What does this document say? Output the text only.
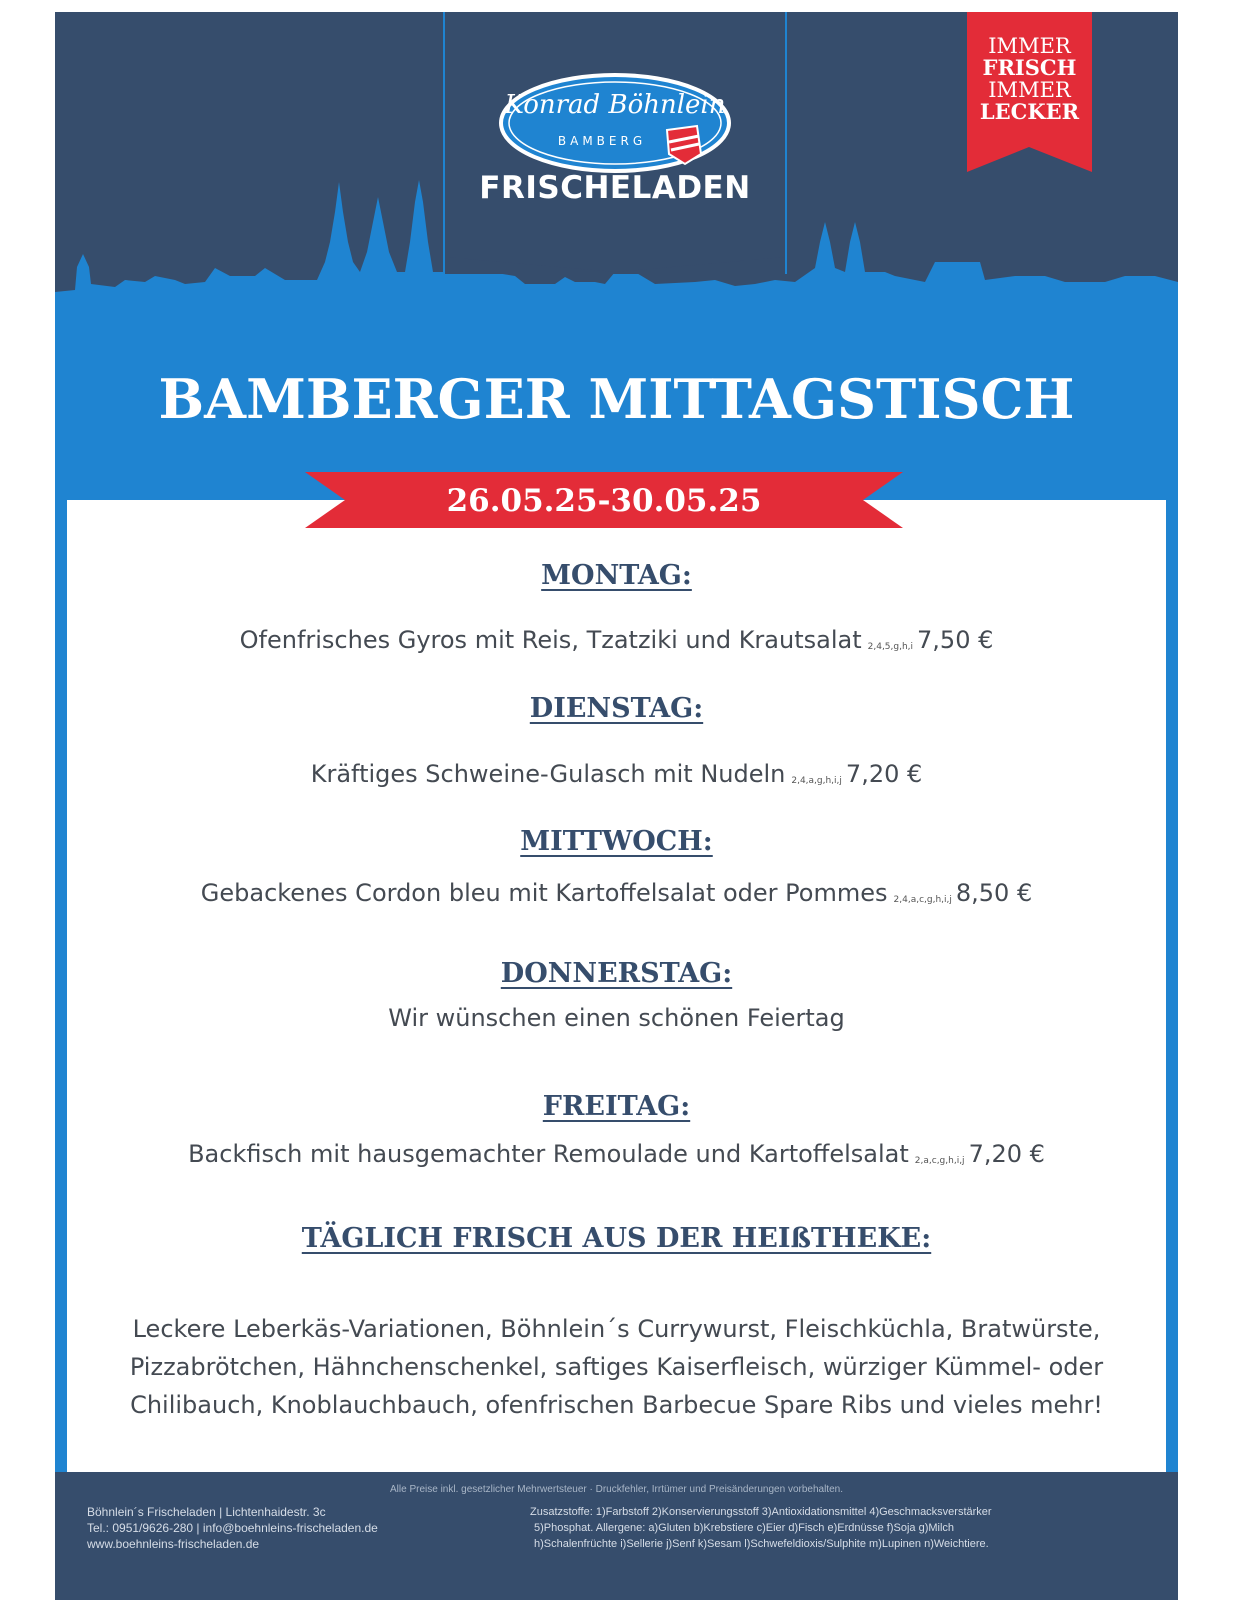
Konrad Böhnlein
BAMBERG
FRISCHELADEN
IMMER
FRISCH
IMMER
LECKER
BAMBERGER MITTAGSTISCH
MONTAG:
Ofenfrisches Gyros mit Reis, Tzatziki und Krautsalat 2,4,5,g,h,i 7,50 €
DIENSTAG:
Kräftiges Schweine-Gulasch mit Nudeln 2,4,a,g,h,i,j 7,20 €
MITTWOCH:
Gebackenes Cordon bleu mit Kartoffelsalat oder Pommes 2,4,a,c,g,h,i,j 8,50 €
DONNERSTAG:
Wir wünschen einen schönen Feiertag
FREITAG:
Backfisch mit hausgemachter Remoulade und Kartoffelsalat 2,a,c,g,h,i,j 7,20 €
TÄGLICH FRISCH AUS DER HEIßTHEKE:
Leckere Leberkäs-Variationen, Böhnlein´s Currywurst, Fleischküchla, Bratwürste,
Pizzabrötchen, Hähnchenschenkel, saftiges Kaiserfleisch, würziger Kümmel- oder
Chilibauch, Knoblauchbauch, ofenfrischen Barbecue Spare Ribs und vieles mehr!
26.05.25-30.05.25
Alle Preise inkl. gesetzlicher Mehrwertsteuer · Druckfehler, Irrtümer und Preisänderungen vorbehalten.
Böhnlein´s Frischeladen | Lichtenhaidestr. 3c
Tel.: 0951/9626-280 | info@boehnleins-frischeladen.de
www.boehnleins-frischeladen.de
Zusatzstoffe: 1)Farbstoff 2)Konservierungsstoff 3)Antioxidationsmittel 4)Geschmacksverstärker
5)Phosphat. Allergene: a)Gluten b)Krebstiere c)Eier d)Fisch e)Erdnüsse f)Soja g)Milch
h)Schalenfrüchte i)Sellerie j)Senf k)Sesam l)Schwefeldioxis/Sulphite m)Lupinen n)Weichtiere.
